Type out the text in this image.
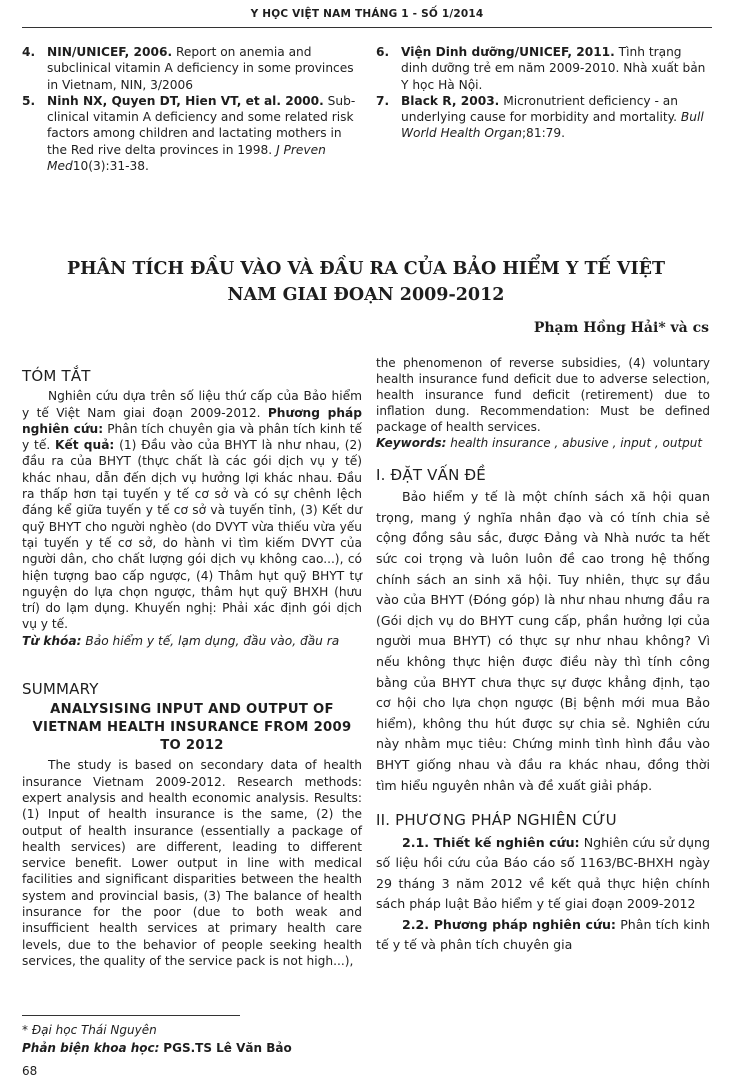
Y HỌC VIỆT NAM THÁNG 1 - SỐ 1/2014
4. NIN/UNICEF, 2006. Report on anemia and subclinical vitamin A deficiency in some provinces in Vietnam, NIN, 3/2006
5. Ninh NX, Quyen DT, Hien VT, et al. 2000. Sub-clinical vitamin A deficiency and some related risk factors among children and lactating mothers in the Red rive delta provinces in 1998. J Preven Med10(3):31-38.
6. Viện Dinh dưỡng/UNICEF, 2011. Tình trạng dinh dưỡng trẻ em năm 2009-2010. Nhà xuất bản Y học Hà Nội.
7. Black R, 2003. Micronutrient deficiency - an underlying cause for morbidity and mortality. Bull World Health Organ;81:79.
PHÂN TÍCH ĐẦU VÀO VÀ ĐẦU RA CỦA BẢO HIỂM Y TẾ VIỆT NAM GIAI ĐOẠN 2009-2012
Phạm Hồng Hải* và cs
TÓM TẮT

Nghiên cứu dựa trên số liệu thứ cấp của Bảo hiểm y tế Việt Nam giai đoạn 2009-2012. Phương pháp nghiên cứu: Phân tích chuyên gia và phân tích kinh tế y tế. Kết quả: (1) Đầu vào của BHYT là như nhau, (2) đầu ra của BHYT (thực chất là các gói dịch vụ y tế) khác nhau, dẫn đến dịch vụ hưởng lợi khác nhau. Đầu ra thấp hơn tại tuyến y tế cơ sở và có sự chênh lệch đáng kể giữa tuyến y tế cơ sở và tuyến tỉnh, (3) Kết dư quỹ BHYT cho người nghèo (do DVYT vừa thiếu vừa yếu tại tuyến y tế cơ sở, do hành vi tìm kiếm DVYT của người dân, cho chất lượng gói dịch vụ không cao...), có hiện tượng bao cấp ngược, (4) Thâm hụt quỹ BHYT tự nguyện do lựa chọn ngược, thâm hụt quỹ BHXH (hưu trí) do lạm dụng. Khuyến nghị: Phải xác định gói dịch vụ y tế.

Từ khóa: Bảo hiểm y tế, lạm dụng, đầu vào, đầu ra

SUMMARY
ANALYSISING INPUT AND OUTPUT OF VIETNAM HEALTH INSURANCE FROM 2009 TO 2012

The study is based on secondary data of health insurance Vietnam 2009-2012. Research methods: expert analysis and health economic analysis. Results: (1) Input of health insurance is the same, (2) the output of health insurance (essentially a package of health services) are different, leading to different service benefit. Lower output in line with medical facilities and significant disparities between the health system and provincial basis, (3) The balance of health insurance for the poor (due to both weak and insufficient health services at primary health care levels, due to the behavior of people seeking health services, the quality of the service pack is not high...),

the phenomenon of reverse subsidies, (4) voluntary health insurance fund deficit due to adverse selection, health insurance fund deficit (retirement) due to inflation dung. Recommendation: Must be defined package of health services.

Keywords: health insurance , abusive , input , output

I. ĐẶT VẤN ĐỀ

Bảo hiểm y tế là một chính sách xã hội quan trọng, mang ý nghĩa nhân đạo và có tính chia sẻ cộng đồng sâu sắc, được Đảng và Nhà nước ta hết sức coi trọng và luôn luôn đề cao trong hệ thống chính sách an sinh xã hội. Tuy nhiên, thực sự đầu vào của BHYT (Đóng góp) là như nhau nhưng đầu ra (Gói dịch vụ do BHYT cung cấp, phần hưởng lợi của người mua BHYT) có thực sự như nhau không? Vì nếu không thực hiện được điều này thì tính công bằng của BHYT chưa thực sự được khẳng định, tạo cơ hội cho lựa chọn ngược (Bị bệnh mới mua Bảo hiểm), không thu hút được sự chia sẻ. Nghiên cứu này nhằm mục tiêu: Chứng minh tình hình đầu vào BHYT giống nhau và đầu ra khác nhau, đồng thời tìm hiểu nguyên nhân và đề xuất giải pháp.

II. PHƯƠNG PHÁP NGHIÊN CỨU

2.1. Thiết kế nghiên cứu: Nghiên cứu sử dụng số liệu hồi cứu của Báo cáo số 1163/BC-BHXH ngày 29 tháng 3 năm 2012 về kết quả thực hiện chính sách pháp luật Bảo hiểm y tế giai đoạn 2009-2012

2.2. Phương pháp nghiên cứu: Phân tích kinh tế y tế và phân tích chuyên gia

* Đại học Thái Nguyên
Phản biện khoa học: PGS.TS Lê Văn Bảo
68
